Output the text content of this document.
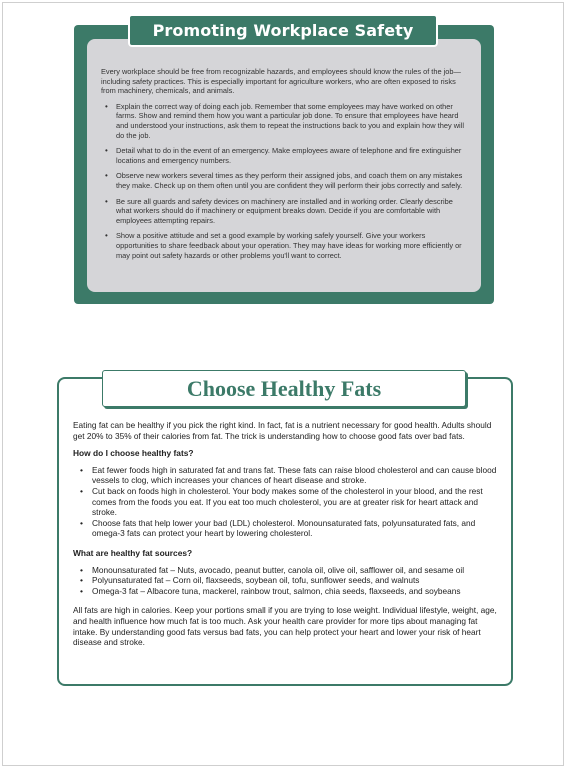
Every workplace should be free from recognizable hazards, and employees should know the rules of the job—including safety practices. This is especially important for agriculture workers, who are often exposed to risks from machinery, chemicals, and animals.

• Explain the correct way of doing each job. Remember that some employees may have worked on other farms. Show and remind them how you want a particular job done. To ensure that employees have heard and understood your instructions, ask them to repeat the instructions back to you and explain how they will do the job.
• Detail what to do in the event of an emergency. Make employees aware of telephone and fire extinguisher locations and emergency numbers.
• Observe new workers several times as they perform their assigned jobs, and coach them on any mistakes they make. Check up on them often until you are confident they will perform their jobs correctly and safely.
• Be sure all guards and safety devices on machinery are installed and in working order. Clearly describe what workers should do if machinery or equipment breaks down. Decide if you are comfortable with employees attempting repairs.
• Show a positive attitude and set a good example by working safely yourself. Give your workers opportunities to share feedback about your operation. They may have ideas for working more efficiently or may point out safety hazards or other problems you'll want to correct.
Promoting Workplace Safety
Choose Healthy Fats

Eating fat can be healthy if you pick the right kind. In fact, fat is a nutrient necessary for good health. Adults should get 20% to 35% of their calories from fat. The trick is understanding how to choose good fats over bad fats.

How do I choose healthy fats?
• Eat fewer foods high in saturated fat and trans fat. These fats can raise blood cholesterol and can cause blood vessels to clog, which increases your chances of heart disease and stroke.
• Cut back on foods high in cholesterol. Your body makes some of the cholesterol in your blood, and the rest comes from the foods you eat. If you eat too much cholesterol, you are at greater risk for heart attack and stroke.
• Choose fats that help lower your bad (LDL) cholesterol. Monounsaturated fats, polyunsaturated fats, and omega-3 fats can protect your heart by lowering cholesterol.
What are healthy fat sources?
• Monounsaturated fat – Nuts, avocado, peanut butter, canola oil, olive oil, safflower oil, and sesame oil
• Polyunsaturated fat – Corn oil, flaxseeds, soybean oil, tofu, sunflower seeds, and walnuts
• Omega-3 fat – Albacore tuna, mackerel, rainbow trout, salmon, chia seeds, flaxseeds, and soybeans

All fats are high in calories. Keep your portions small if you are trying to lose weight. Individual lifestyle, weight, age, and health influence how much fat is too much. Ask your health care provider for more tips about managing fat intake. By understanding good fats versus bad fats, you can help protect your heart and lower your risk of heart disease and stroke.
